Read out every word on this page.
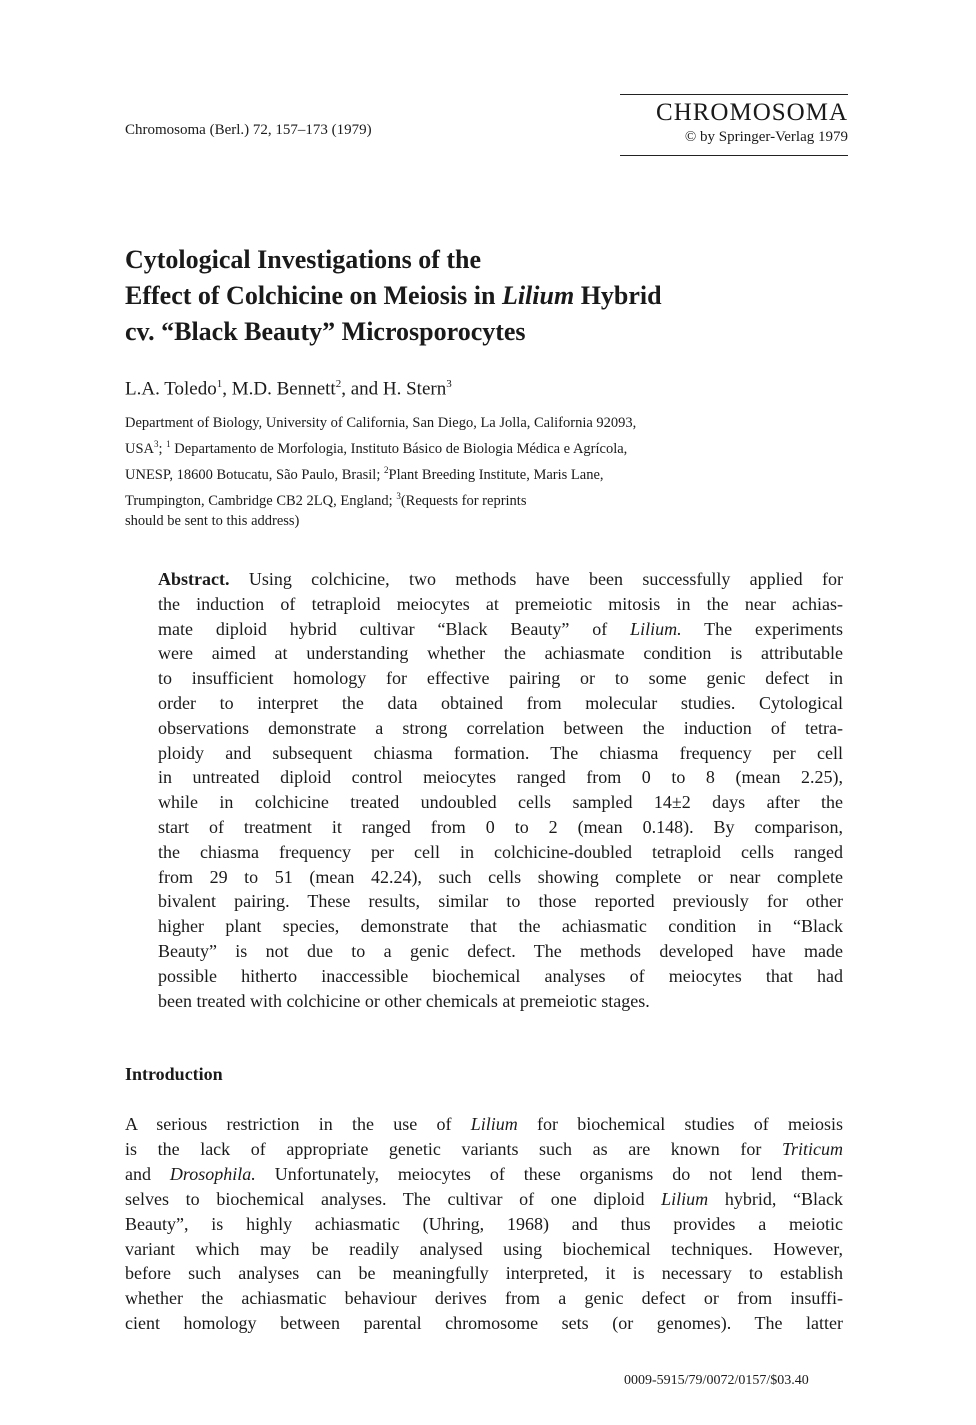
Chromosoma (Berl.) 72, 157–173 (1979)
CHROMOSOMA
© by Springer-Verlag 1979
Cytological Investigations of the
Effect of Colchicine on Meiosis in Lilium Hybrid
cv. “Black Beauty” Microsporocytes
L.A. Toledo$^1$, M.D. Bennett$^2$, and H. Stern$^3$
Department of Biology, University of California, San Diego, La Jolla, California 92093,
USA$^3$; $^1$ Departamento de Morfologia, Instituto Básico de Biologia Médica e Agrícola,
UNESP, 18600 Botucatu, São Paulo, Brasil; $^2$Plant Breeding Institute, Maris Lane,
Trumpington, Cambridge CB2 2LQ, England; $^3$(Requests for reprints
should be sent to this address)
Abstract. Using colchicine, two methods have been successfully applied for
the induction of tetraploid meiocytes at premeiotic mitosis in the near achias-
mate diploid hybrid cultivar “Black Beauty” of Lilium. The experiments
were aimed at understanding whether the achiasmate condition is attributable
to insufficient homology for effective pairing or to some genic defect in
order to interpret the data obtained from molecular studies. Cytological
observations demonstrate a strong correlation between the induction of tetra-
ploidy and subsequent chiasma formation. The chiasma frequency per cell
in untreated diploid control meiocytes ranged from 0 to 8 (mean 2.25),
while in colchicine treated undoubled cells sampled 14±2 days after the
start of treatment it ranged from 0 to 2 (mean 0.148). By comparison,
the chiasma frequency per cell in colchicine-doubled tetraploid cells ranged
from 29 to 51 (mean 42.24), such cells showing complete or near complete
bivalent pairing. These results, similar to those reported previously for other
higher plant species, demonstrate that the achiasmatic condition in “Black
Beauty” is not due to a genic defect. The methods developed have made
possible hitherto inaccessible biochemical analyses of meiocytes that had
been treated with colchicine or other chemicals at premeiotic stages.
Introduction
A serious restriction in the use of Lilium for biochemical studies of meiosis
is the lack of appropriate genetic variants such as are known for Triticum
and Drosophila. Unfortunately, meiocytes of these organisms do not lend them-
selves to biochemical analyses. The cultivar of one diploid Lilium hybrid, “Black
Beauty”, is highly achiasmatic (Uhring, 1968) and thus provides a meiotic
variant which may be readily analysed using biochemical techniques. However,
before such analyses can be meaningfully interpreted, it is necessary to establish
whether the achiasmatic behaviour derives from a genic defect or from insuffi-
cient homology between parental chromosome sets (or genomes). The latter
0009-5915/79/0072/0157/$03.40
